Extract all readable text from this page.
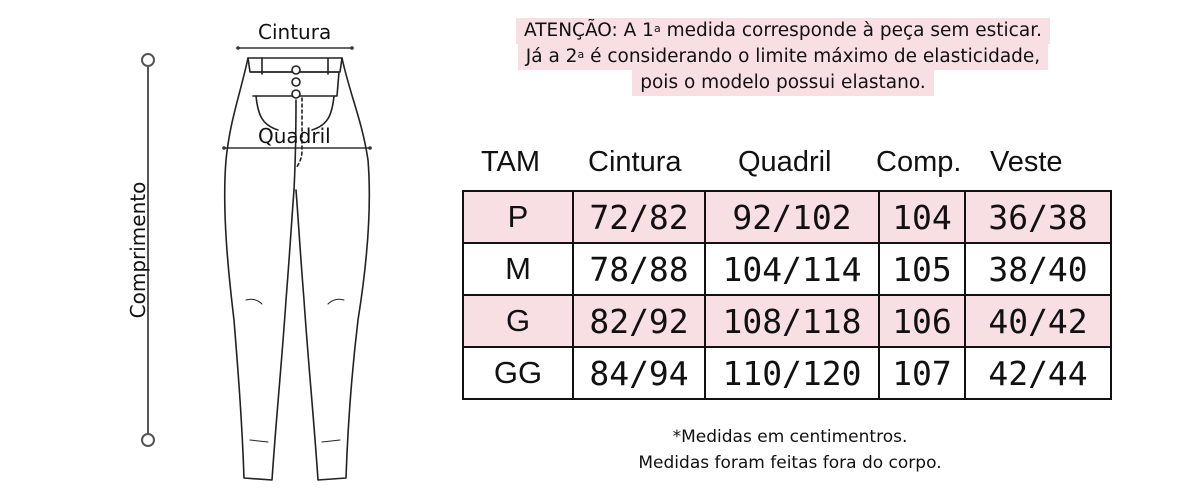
Cintura
Quadril
Comprimento
ATENÇÃO: A 1$^a$ medida corresponde à peça sem esticar.
Já a 2$^a$ é considerando o limite máximo de elasticidade,
pois o modelo possui elastano.
TAM Cintura Quadril Comp. Veste
P	72/82	92/102	104	36/38
M	78/88	104/114	105	38/40
G	82/92	108/118	106	40/42
GG	84/94	110/120	107	42/44
*Medidas em centimentros.
Medidas foram feitas fora do corpo.
